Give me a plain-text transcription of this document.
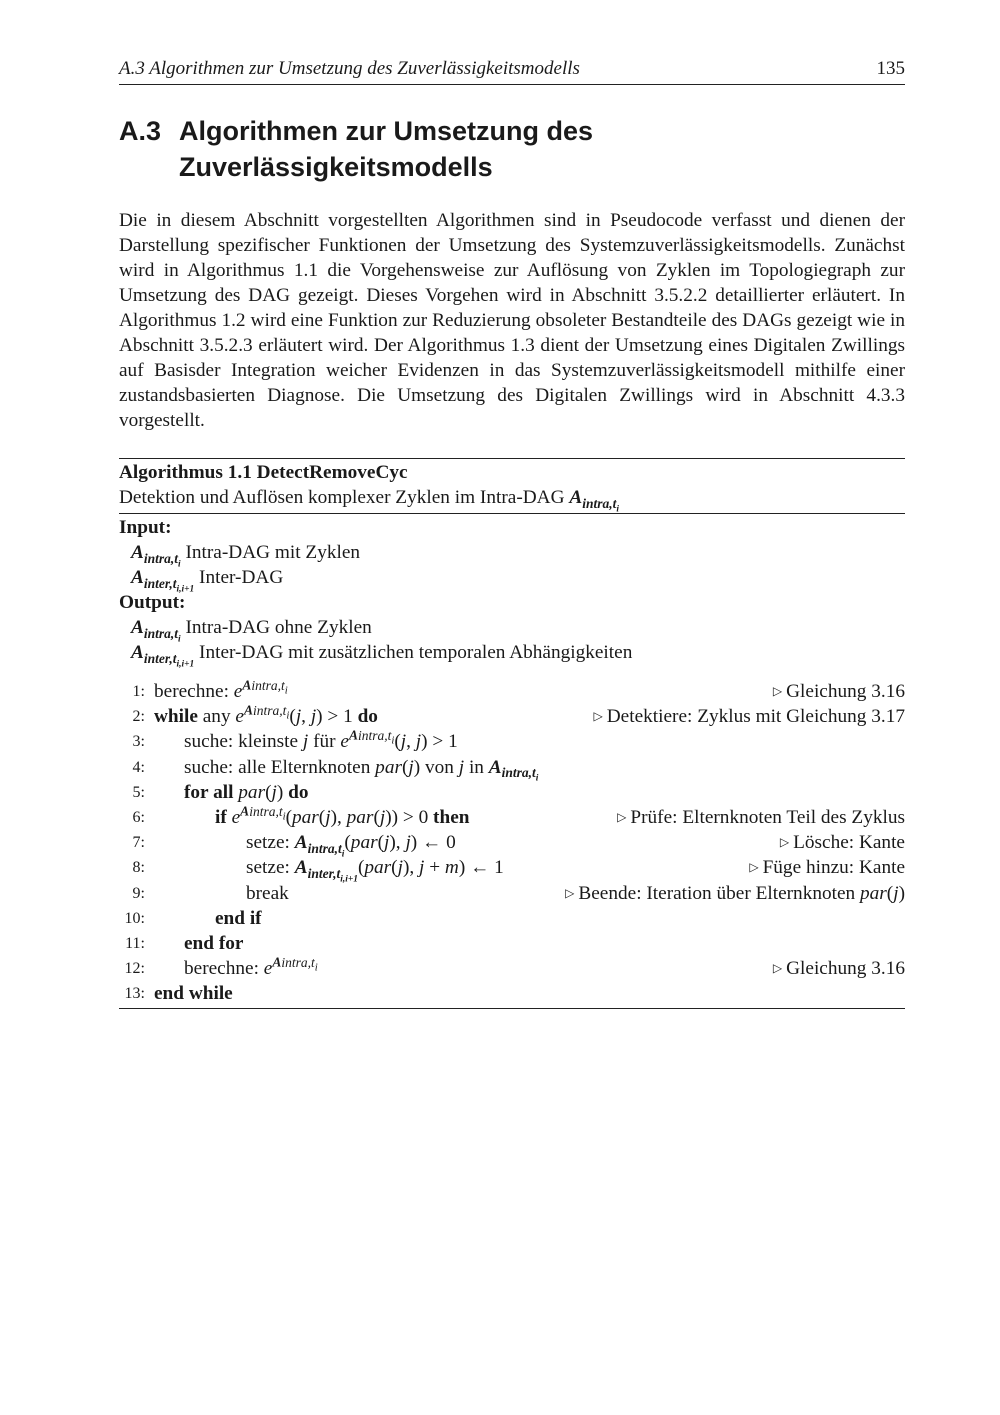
A.3 Algorithmen zur Umsetzung des Zuverlässigkeitsmodells	135
A.3 Algorithmen zur Umsetzung des
Zuverlässigkeitsmodells

Die in diesem Abschnitt vorgestellten Algorithmen sind in Pseudocode verfasst und dienen der Darstellung spezifischer Funktionen der Umsetzung des Systemzuverlässigkeitsmodells. Zunächst wird in Algorithmus 1.1 die Vorgehensweise zur Auflösung von Zyklen im Topologiegraph zur Umsetzung des DAG gezeigt. Dieses Vorgehen wird in Abschnitt 3.5.2.2 detaillierter erläutert. In Algorithmus 1.2 wird eine Funktion zur Reduzierung obsoleter Bestandteile des DAGs gezeigt wie in Abschnitt 3.5.2.3 erläutert wird. Der Algorithmus 1.3 dient der Umsetzung eines Digitalen Zwillings auf Basisder Integration weicher Evidenzen in das Systemzuverlässigkeitsmodell mithilfe einer zustandsbasierten Diagnose. Die Umsetzung des Digitalen Zwillings wird in Abschnitt 4.3.3 vorgestellt.

Algorithmus 1.1 DetectRemoveCyc
Detektion und Auflösen komplexer Zyklen im Intra-DAG $A_{intra,t_i}$
Input:
$A_{intra,t_i}$ Intra-DAG mit Zyklen
$A_{inter,t_{i,i+1}}$ Inter-DAG
Output:
$A_{intra,t_i}$ Intra-DAG ohne Zyklen
$A_{inter,t_{i,i+1}}$ Inter-DAG mit zusätzlichen temporalen Abhängigkeiten
1: berechne: $e^{Aintra,t_i}$	▷ Gleichung 3.16
2: while any $e^{Aintra,t_i}(j$, j) > 1 do	▷ Detektiere: Zyklus mit Gleichung 3.17
3: suche: kleinste j für $e^{Aintra,t_i}(j$, j) > 1
4: suche: alle Elternknoten par(j) von j in $A_{intra,t_i}$
5: for all par(j) do
6:	if $e^{Aintra,t_i}(par(j)$, par(j)) > 0 then	▷ Prüfe: Elternknoten Teil des Zyklus
7:	setze: $A_{intra,t_i}(par(j)$, j) ← 0	▷ Lösche: Kante
8:	setze: $A_{inter,t_{i,i+1}}(par(j)$, j + m) ← 1	▷ Füge hinzu: Kante
9:	break	▷ Beende: Iteration über Elternknoten par(j)
10:	end if
11: end for
12: berechne: $e^{Aintra,t_i}$	▷ Gleichung 3.16
13: end while
